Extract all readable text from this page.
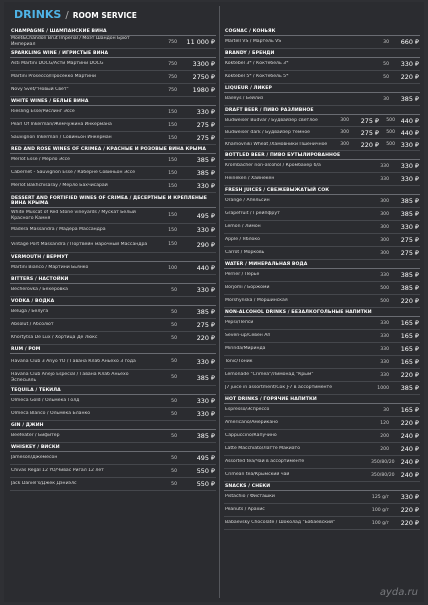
DRINKS / ROOM SERVICE
CHAMPAGNE / ШАМПАНСКИЕ ВИНА
Moet&Chandon Brut Imperial / Моэт Шандон Брют Империал	750	11 000 ₽
SPARKLING WINE / ИГРИСТЫЕ ВИНА
Asti Martini DOCG/Асти Мартини DOCG	750	3300 ₽
Martini Prosecco/Просекко Мартини	750	2750 ₽
Novy Svet/"Новый Свет"	750	1980 ₽
WHITE WINES / БЕЛЫЕ ВИНА
Riesling Esse/Рислинг Эссе	150	330 ₽
Pearl Of Inkerman/Жемчужина Инкермана	150	275 ₽
Sauvignon Inkerman / Совиньон Инкерман	150	275 ₽
RED AND ROSE WINES OF CRIMEA / КРАСНЫЕ И РОЗОВЫЕ ВИНА КРЫМА
Merlot Esse / Мерло Эссе	150	385 ₽
Cabernet - Sauvignon Esse / Каберне Совиньон Эссе	150	385 ₽
Merlot Bakhchisaray / Мерло Бахчисарай	150	330 ₽
DESSERT AND FORTIFIED WINES OF CRIMEA / ДЕСЕРТНЫЕ И КРЕПЛЕНЫЕ ВИНА КРЫМА
White Muscat of Red Stone vineyards / Мускат Белый Красного Камня	150	495 ₽
Madera Massandra / Мадера Массандра	150	330 ₽
Vintage Port Massandra / Портвейн марочный Массандра	150	290 ₽
VERMOUTH / ВЕРМУТ
Martini Bianco / Мартини Бьянко	100	440 ₽
BITTERS / НАСТОЙКИ
Becherovka / Бехеровка	50	330 ₽
VODKA / ВОДКА
Beluga / Белуга	50	385 ₽
Absolut / Абсолют	50	275 ₽
Khortytsa De Lux / Хортица Де Люкс	50	220 ₽
RUM / РОМ
Havana Club 3 Anyo YO / Гавана Клаб Аньехо 3 года	50	330 ₽
Havana Club Anejo Especial / Гавана Клаб Аньехо Эспесьяль	50	385 ₽
TEQUILA / ТЕКИЛА
Olmeca Gold / Ольмека Голд	50	330 ₽
Olmeca Blanco / Ольмека Бланко	50	330 ₽
GIN / ДЖИН
Beefeater / Бифитер	50	385 ₽
WHISKEY / ВИСКИ
Jameson/Джемесон	50	495 ₽
Chivas Regal 12 YO/Чивас Ригал 12 лет	50	550 ₽
Jack Daniel's/Джек Дэниэлс	50	550 ₽
COGNAC / КОНЬЯК
Martell VS / Мартель VS	30	660 ₽
BRANDY / БРЕНДИ
Koktebel 3* / Коктебель 3*	50	330 ₽
Koktebel 5* / Коктебель 5*	50	220 ₽
LIQUEUR / ЛИКЕР
Baileys / Бейлиз	30	385 ₽
DRAFT BEER / ПИВО РАЗЛИВНОЕ
Budweiser Budvar / Будвайзер светлое	300	275 ₽	500 440 ₽
Budweiser dark / Будвайзер темное	300	275 ₽	500 440 ₽
Khamovniki Wheat /Хамовники Пшеничное	300	220 ₽	500 330 ₽
BOTTLED BEER / ПИВО БУТЫЛИРОВАННОЕ
Krombacher non-alcohol / Кромбахер б/а	330	330 ₽
Heineken / Хайнекен	330	330 ₽
FRESH JUICES / СВЕЖЕВЫЖАТЫЙ СОК
Orange / Апельсин	300	385 ₽
Grapefruit / Грейпфрут	300	385 ₽
Lemon / Лимон	300	330 ₽
Apple / Яблоко	300	275 ₽
Carrot / Морковь	300	275 ₽
WATER / МИНЕРАЛЬНАЯ ВОДА
Perrier / Перье	330	385 ₽
Borjomi / Боржоми	500	385 ₽
Morshynska / Моршинская	500	220 ₽
NON-ALCOHOL DRINKS / БЕЗАЛКОГОЛЬНЫЕ НАПИТКИ
Pepsi/Пепси	330	165 ₽
Seven-up/Севен Ап	330	165 ₽
Mirinda/Миринда	330	165 ₽
Tonic/Тоник	330	165 ₽
Lemonade "Crimea"/Лимонад "Крым"	330	220 ₽
J7 juice in assortment/Сок J-7 в ассортименте	1000	385 ₽
HOT DRINKS / ГОРЯЧИЕ НАПИТКИ
Espresso/Эспрессо	30	165 ₽
Americano/Американо	120	220 ₽
Cappuccino/Капучино	200	240 ₽
Latte Macchiato/Латте Макиато	200	240 ₽
Assorted tea/Чай в ассортименте	350/80/20 240 ₽
Crimean tea/Крымский чай	350/80/20 240 ₽
SNACKS / СНЕКИ
Pistachio / Фисташки	125 g/г	330 ₽
Peanuts / Арахис	100 g/г	220 ₽
Babaevsky Chocolate / Шоколад "Бабаевский"	100 g/г	220 ₽
ayda.ru
